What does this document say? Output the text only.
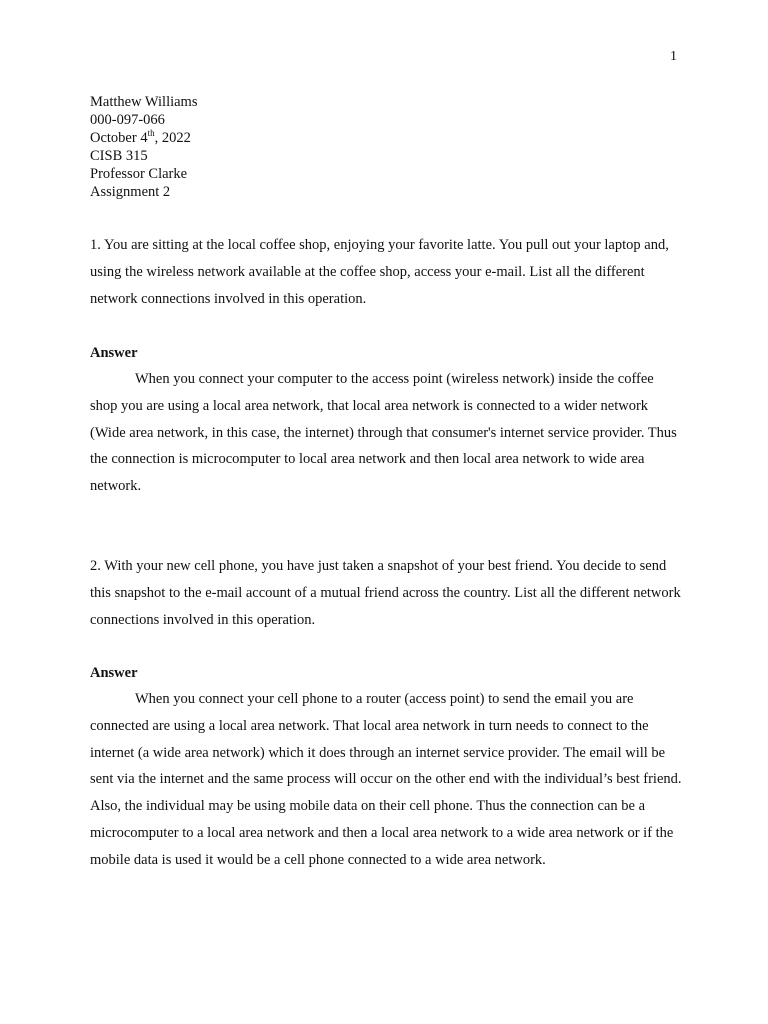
1
Matthew Williams
000-097-066
October 4th, 2022
CISB 315
Professor Clarke
Assignment 2

1. You are sitting at the local coffee shop, enjoying your favorite latte. You pull out your laptop and, using the wireless network available at the coffee shop, access your e-mail. List all the different network connections involved in this operation.

Answer

When you connect your computer to the access point (wireless network) inside the coffee shop you are using a local area network, that local area network is connected to a wider network (Wide area network, in this case, the internet) through that consumer's internet service provider. Thus the connection is microcomputer to local area network and then local area network to wide area network.

2. With your new cell phone, you have just taken a snapshot of your best friend. You decide to send this snapshot to the e-mail account of a mutual friend across the country. List all the different network connections involved in this operation.

Answer

When you connect your cell phone to a router (access point) to send the email you are connected are using a local area network. That local area network in turn needs to connect to the internet (a wide area network) which it does through an internet service provider. The email will be sent via the internet and the same process will occur on the other end with the individual’s best friend. Also, the individual may be using mobile data on their cell phone. Thus the connection can be a microcomputer to a local area network and then a local area network to a wide area network or if the mobile data is used it would be a cell phone connected to a wide area network.
